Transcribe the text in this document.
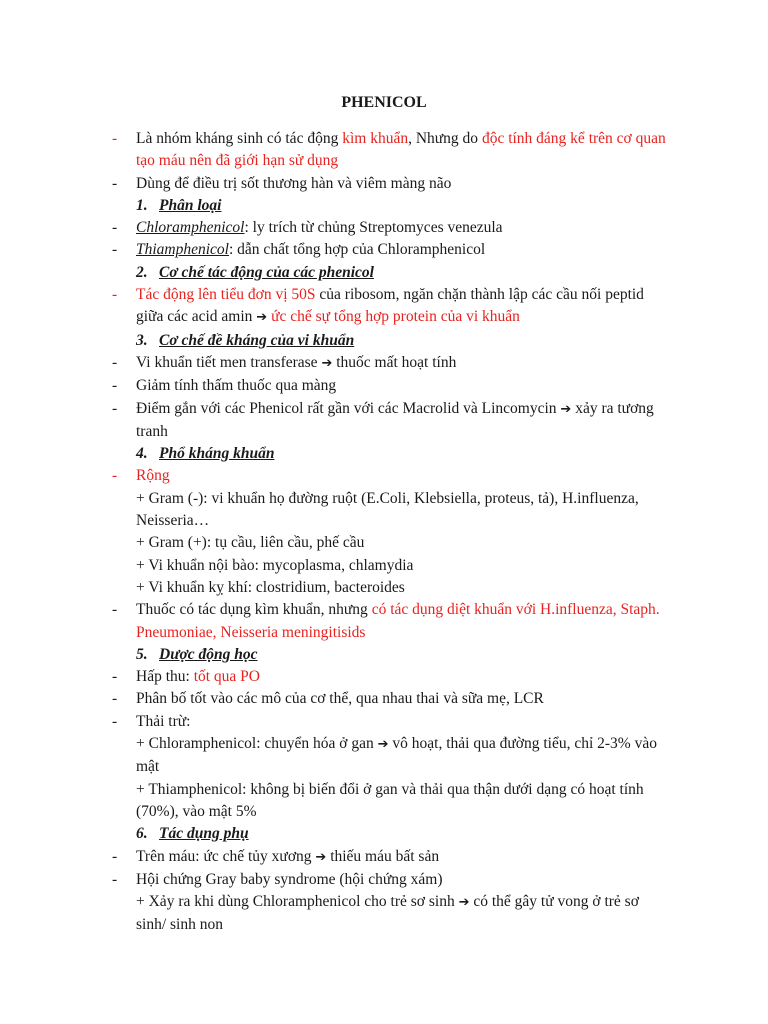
PHENICOL
- Là nhóm kháng sinh có tác động kìm khuẩn, Nhưng do độc tính đáng kể trên cơ quan tạo máu nên đã giới hạn sử dụng
- Dùng để điều trị sốt thương hàn và viêm màng não
1. Phân loại
- Chloramphenicol: ly trích từ chủng Streptomyces venezula
- Thiamphenicol: dẫn chất tổng hợp của Chloramphenicol
2. Cơ chế tác động của các phenicol
- Tác động lên tiểu đơn vị 50S của ribosom, ngăn chặn thành lập các cầu nối peptid giữa các acid amin ➔ ức chế sự tổng hợp protein của vi khuẩn
3. Cơ chế đề kháng của vi khuẩn
- Vi khuẩn tiết men transferase ➔ thuốc mất hoạt tính
- Giảm tính thấm thuốc qua màng
- Điểm gắn với các Phenicol rất gần với các Macrolid và Lincomycin ➔ xảy ra tương tranh
4. Phổ kháng khuẩn
- Rộng
+ Gram (-): vi khuẩn họ đường ruột (E.Coli, Klebsiella, proteus, tả), H.influenza, Neisseria…
+ Gram (+): tụ cầu, liên cầu, phế cầu
+ Vi khuẩn nội bào: mycoplasma, chlamydia
+ Vi khuẩn kỵ khí: clostridium, bacteroides
- Thuốc có tác dụng kìm khuẩn, nhưng có tác dụng diệt khuẩn với H.influenza, Staph. Pneumoniae, Neisseria meningitisids
5. Dược động học
- Hấp thu: tốt qua PO
- Phân bố tốt vào các mô của cơ thể, qua nhau thai và sữa mẹ, LCR
- Thải trừ:
+ Chloramphenicol: chuyển hóa ở gan ➔ vô hoạt, thải qua đường tiểu, chỉ 2-3% vào mật
+ Thiamphenicol: không bị biến đổi ở gan và thải qua thận dưới dạng có hoạt tính (70%), vào mật 5%
6. Tác dụng phụ
- Trên máu: ức chế tủy xương ➔ thiếu máu bất sản
- Hội chứng Gray baby syndrome (hội chứng xám)
+ Xảy ra khi dùng Chloramphenicol cho trẻ sơ sinh ➔ có thể gây tử vong ở trẻ sơ sinh/ sinh non
